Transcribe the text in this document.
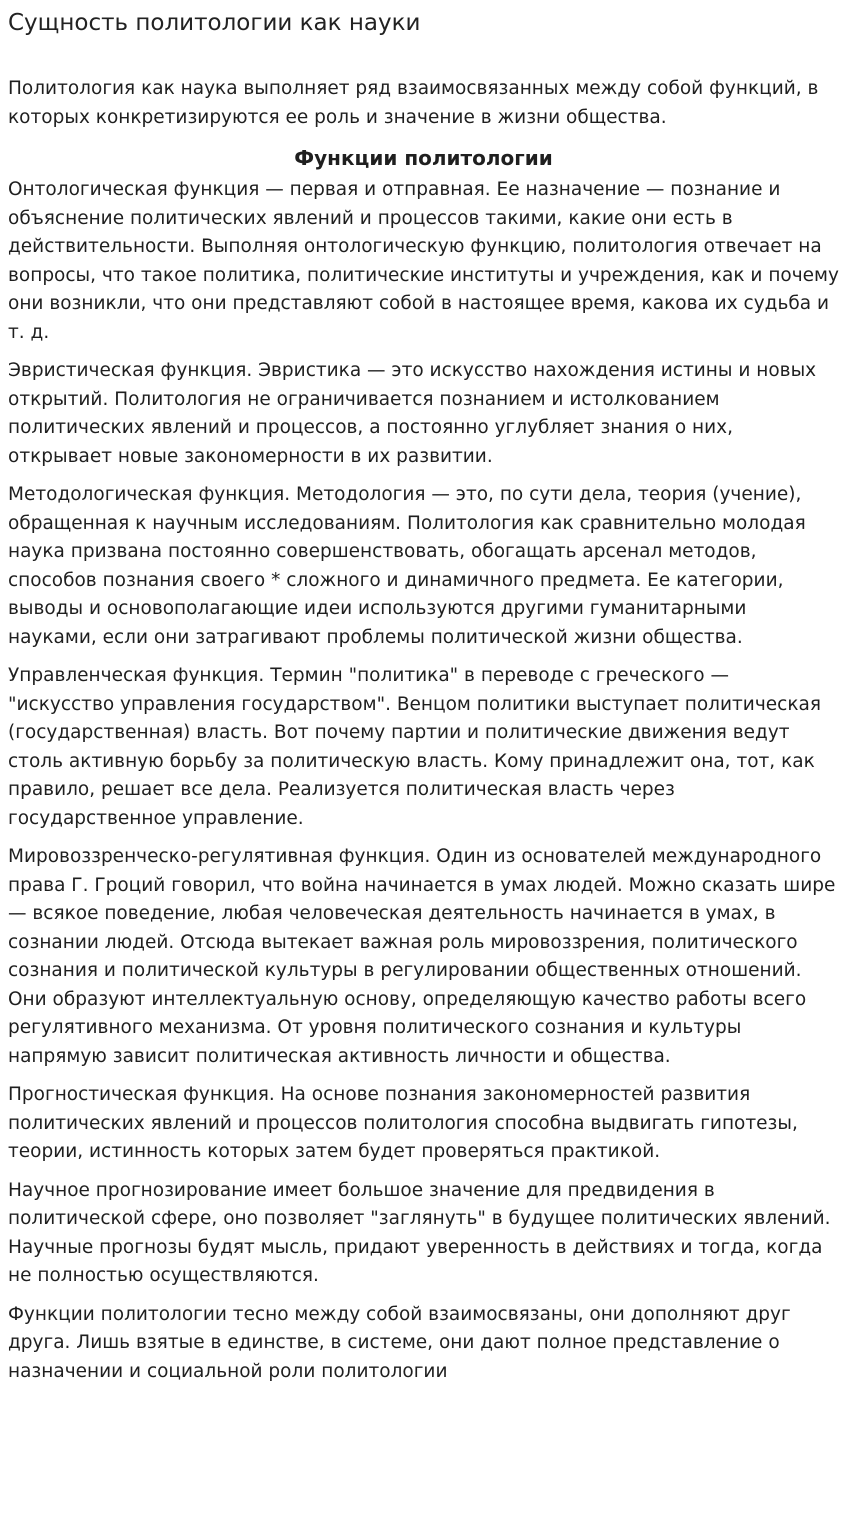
Сущность политологии как науки

Политология как наука выполняет ряд взаимосвязанных между собой функций, в которых конкретизируются ее роль и значение в жизни общества.

Функции политологии

Онтологическая функция — первая и отправная. Ее назначение — познание и объяснение политических явлений и процессов такими, какие они есть в действительности. Выполняя онтологическую функцию, политология отвечает на вопросы, что такое политика, политические институты и учреждения, как и почему они возникли, что они представляют собой в настоящее время, какова их судьба и т. д.

Эвристическая функция. Эвристика — это искусство нахождения истины и новых открытий. Политология не ограничивается познанием и истолкованием политических явлений и процессов, а постоянно углубляет знания о них, открывает новые закономерности в их развитии.

Методологическая функция. Методология — это, по сути дела, теория (учение), обращенная к научным исследованиям. Политология как сравнительно молодая наука призвана постоянно совершенствовать, обогащать арсенал методов, способов познания своего * сложного и динамичного предмета. Ее категории, выводы и основополагающие идеи используются другими гуманитарными науками, если они затрагивают проблемы политической жизни общества.

Управленческая функция. Термин "политика" в переводе с греческого — "искусство управления государством". Венцом политики выступает политическая (государственная) власть. Вот почему партии и политические движения ведут столь активную борьбу за политическую власть. Кому принадлежит она, тот, как правило, решает все дела. Реализуется политическая власть через государственное управление.

Мировоззренческо-регулятивная функция. Один из основателей международного права Г. Гроций говорил, что война начинается в умах людей. Можно сказать шире — всякое поведение, любая человеческая деятельность начинается в умах, в сознании людей. Отсюда вытекает важная роль мировоззрения, политического сознания и политической культуры в регулировании общественных отношений. Они образуют интеллектуальную основу, определяющую качество работы всего регулятивного механизма. От уровня политического сознания и культуры напрямую зависит политическая активность личности и общества.

Прогностическая функция. На основе познания закономерностей развития политических явлений и процессов политология способна выдвигать гипотезы, теории, истинность которых затем будет проверяться практикой.

Научное прогнозирование имеет большое значение для предвидения в политической сфере, оно позволяет "заглянуть" в будущее политических явлений. Научные прогнозы будят мысль, придают уверенность в действиях и тогда, когда не полностью осуществляются.

Функции политологии тесно между собой взаимосвязаны, они дополняют друг друга. Лишь взятые в единстве, в системе, они дают полное представление о назначении и социальной роли политологии
